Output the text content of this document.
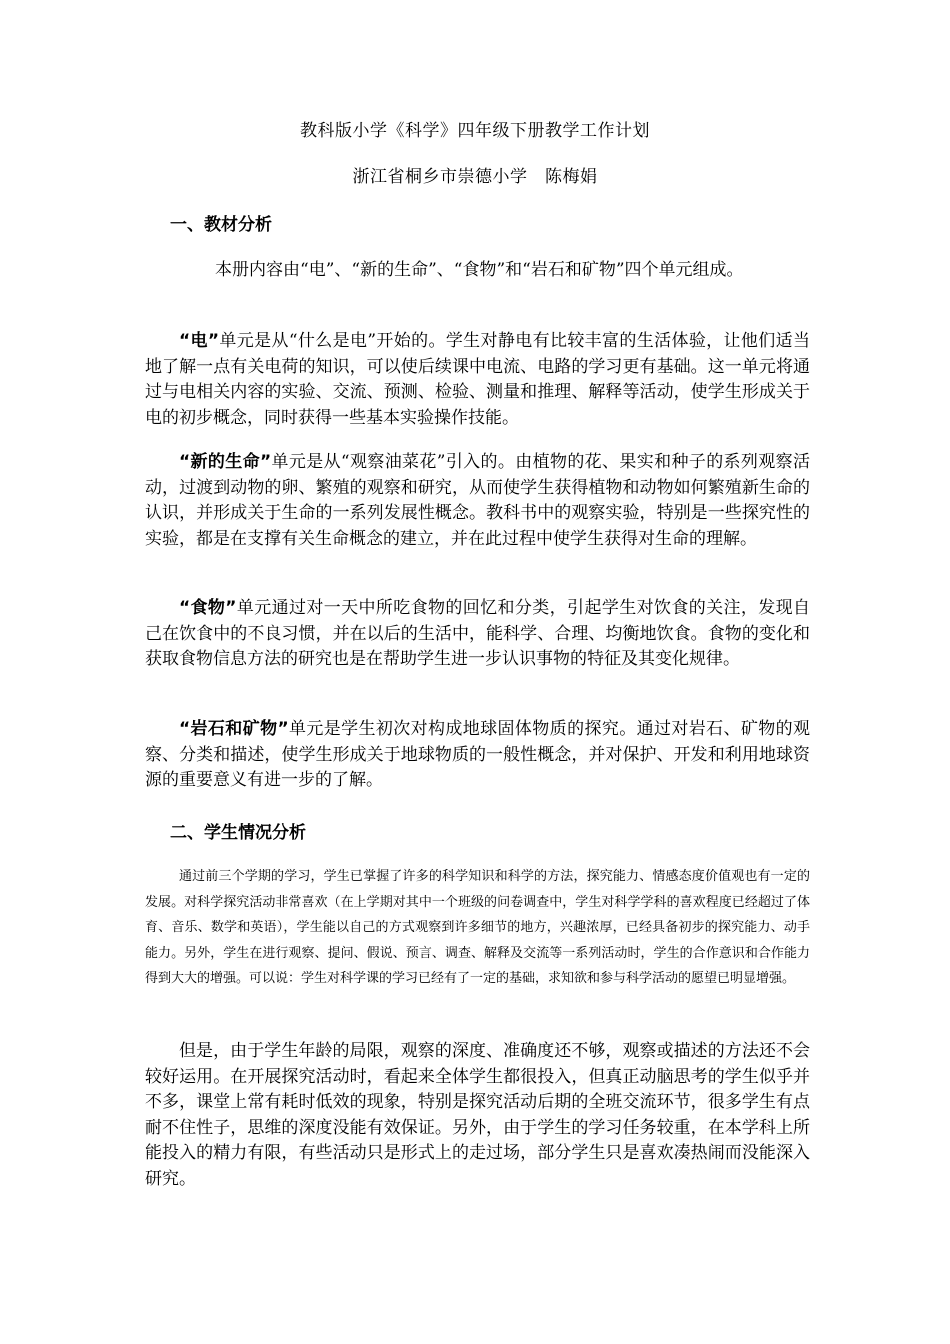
教科版小学《科学》四年级下册教学工作计划
浙江省桐乡市崇德小学　陈梅娟
一、教材分析

本册内容由“电”、“新的生命”、“食物”和“岩石和矿物”四个单元组成。

“电”单元是从“什么是电”开始的。学生对静电有比较丰富的生活体验，让他们适当地了解一点有关电荷的知识，可以使后续课中电流、电路的学习更有基础。这一单元将通过与电相关内容的实验、交流、预测、检验、测量和推理、解释等活动，使学生形成关于电的初步概念，同时获得一些基本实验操作技能。

“新的生命”单元是从“观察油菜花”引入的。由植物的花、果实和种子的系列观察活动，过渡到动物的卵、繁殖的观察和研究，从而使学生获得植物和动物如何繁殖新生命的认识，并形成关于生命的一系列发展性概念。教科书中的观察实验，特别是一些探究性的实验，都是在支撑有关生命概念的建立，并在此过程中使学生获得对生命的理解。

“食物”单元通过对一天中所吃食物的回忆和分类，引起学生对饮食的关注，发现自己在饮食中的不良习惯，并在以后的生活中，能科学、合理、均衡地饮食。食物的变化和获取食物信息方法的研究也是在帮助学生进一步认识事物的特征及其变化规律。

“岩石和矿物”单元是学生初次对构成地球固体物质的探究。通过对岩石、矿物的观察、分类和描述，使学生形成关于地球物质的一般性概念，并对保护、开发和利用地球资源的重要意义有进一步的了解。

二、学生情况分析

通过前三个学期的学习，学生已掌握了许多的科学知识和科学的方法，探究能力、情感态度价值观也有一定的发展。对科学探究活动非常喜欢（在上学期对其中一个班级的问卷调查中，学生对科学学科的喜欢程度已经超过了体育、音乐、数学和英语），学生能以自己的方式观察到许多细节的地方，兴趣浓厚，已经具备初步的探究能力、动手能力。另外，学生在进行观察、提问、假说、预言、调查、解释及交流等一系列活动时，学生的合作意识和合作能力得到大大的增强。可以说：学生对科学课的学习已经有了一定的基础，求知欲和参与科学活动的愿望已明显增强。

但是，由于学生年龄的局限，观察的深度、准确度还不够，观察或描述的方法还不会较好运用。在开展探究活动时，看起来全体学生都很投入，但真正动脑思考的学生似乎并不多，课堂上常有耗时低效的现象，特别是探究活动后期的全班交流环节，很多学生有点耐不住性子，思维的深度没能有效保证。另外，由于学生的学习任务较重，在本学科上所能投入的精力有限，有些活动只是形式上的走过场，部分学生只是喜欢凑热闹而没能深入研究。
